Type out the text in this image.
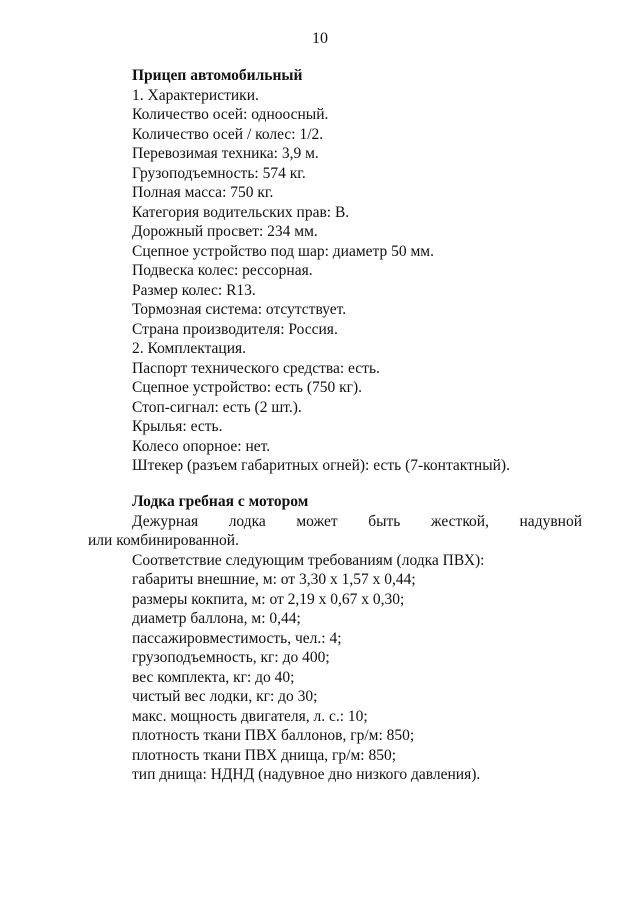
10
Прицеп автомобильный
1. Характеристики.
Количество осей: одноосный.
Количество осей / колес: 1/2.
Перевозимая техника: 3,9 м.
Грузоподъемность: 574 кг.
Полная масса: 750 кг.
Категория водительских прав: В.
Дорожный просвет: 234 мм.
Сцепное устройство под шар: диаметр 50 мм.
Подвеска колес: рессорная.
Размер колес: R13.
Тормозная система: отсутствует.
Страна производителя: Россия.
2. Комплектация.
Паспорт технического средства: есть.
Сцепное устройство: есть (750 кг).
Стоп-сигнал: есть (2 шт.).
Крылья: есть.
Колесо опорное: нет.
Штекер (разъем габаритных огней): есть (7-контактный).
Лодка гребная с мотором
Дежурная лодка может быть жесткой, надувной
или комбинированной.
Соответствие следующим требованиям (лодка ПВХ):
габариты внешние, м: от 3,30 х 1,57 х 0,44;
размеры кокпита, м: от 2,19 х 0,67 х 0,30;
диаметр баллона, м: 0,44;
пассажировместимость, чел.: 4;
грузоподъемность, кг: до 400;
вес комплекта, кг: до 40;
чистый вес лодки, кг: до 30;
макс. мощность двигателя, л. с.: 10;
плотность ткани ПВХ баллонов, гр/м: 850;
плотность ткани ПВХ днища, гр/м: 850;
тип днища: НДНД (надувное дно низкого давления).
